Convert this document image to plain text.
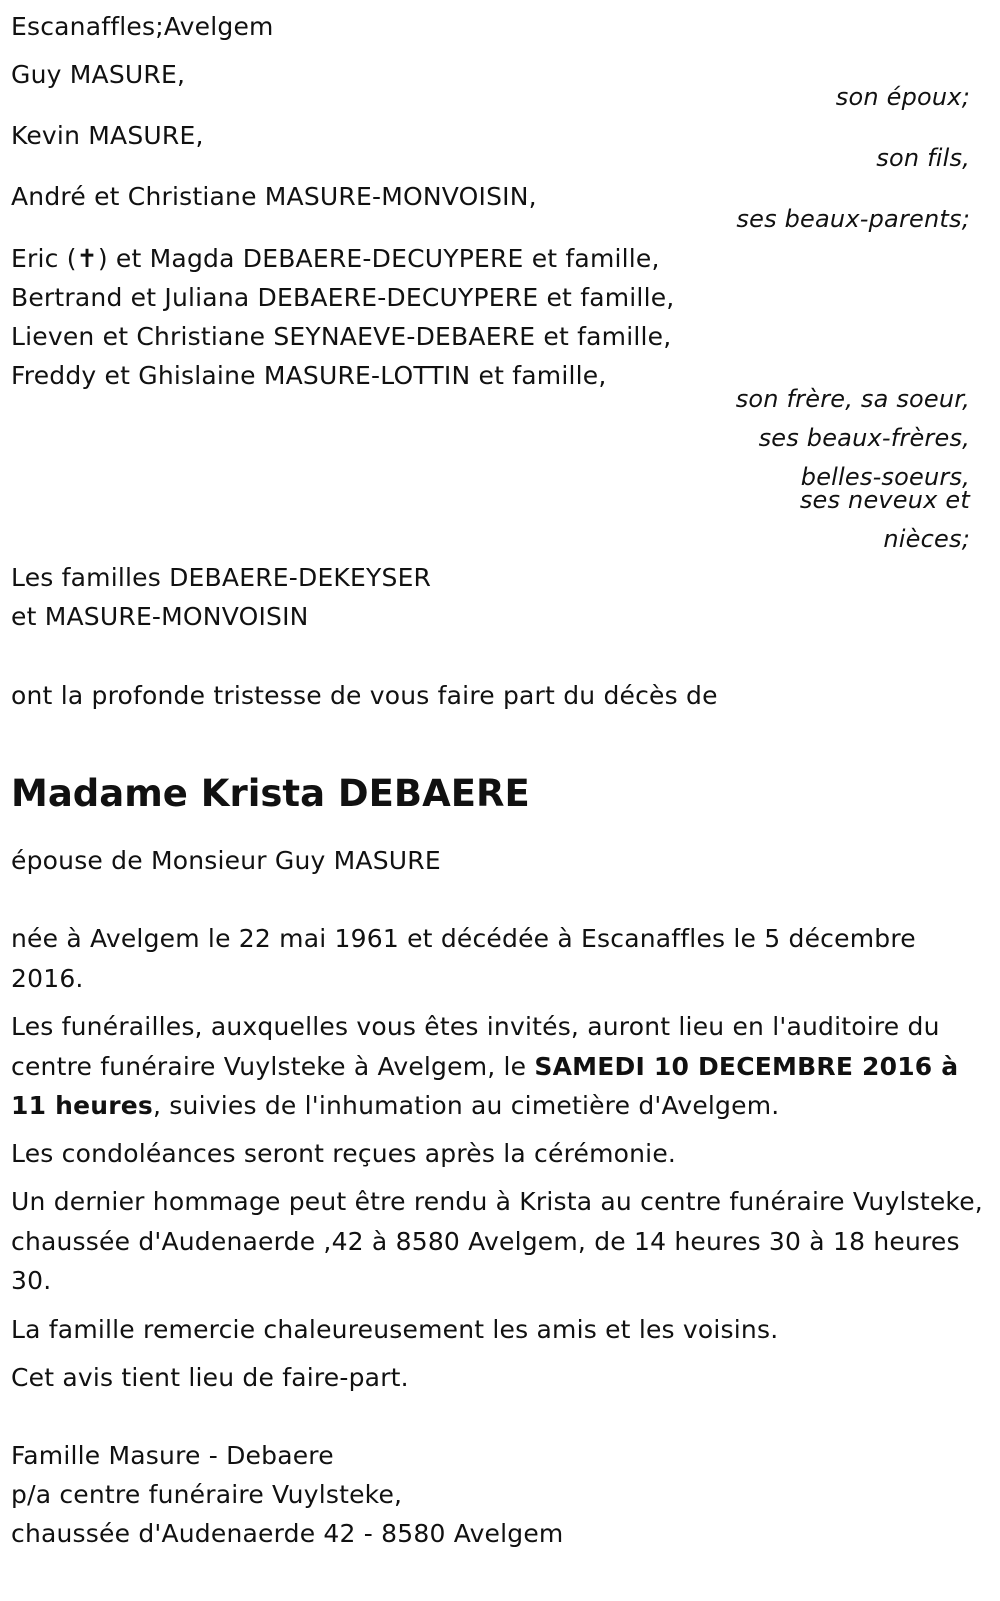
Escanaffles;Avelgem
Guy MASURE,
son époux;
Kevin MASURE,
son fils,
André et Christiane MASURE-MONVOISIN,
ses beaux-parents;
Eric (✝) et Magda DEBAERE-DECUYPERE et famille,
Bertrand et Juliana DEBAERE-DECUYPERE et famille,
Lieven et Christiane SEYNAEVE-DEBAERE et famille,
Freddy et Ghislaine MASURE-LOTTIN et famille,
son frère, sa soeur,
ses beaux-frères,
belles-soeurs,
ses neveux et
nièces;
Les familles DEBAERE-DEKEYSER
et MASURE-MONVOISIN
ont la profonde tristesse de vous faire part du décès de
Madame Krista DEBAERE
épouse de Monsieur Guy MASURE
née à Avelgem le 22 mai 1961 et décédée à Escanaffles le 5 décembre 2016.
Les funérailles, auxquelles vous êtes invités, auront lieu en l'auditoire du centre funéraire Vuylsteke à Avelgem, le SAMEDI 10 DECEMBRE 2016 à 11 heures, suivies de l'inhumation au cimetière d'Avelgem.
Les condoléances seront reçues après la cérémonie.
Un dernier hommage peut être rendu à Krista au centre funéraire Vuylsteke, chaussée d'Audenaerde ,42 à 8580 Avelgem, de 14 heures 30 à 18 heures 30.
La famille remercie chaleureusement les amis et les voisins.
Cet avis tient lieu de faire-part.
Famille Masure - Debaere
p/a centre funéraire Vuylsteke,
chaussée d'Audenaerde 42 - 8580 Avelgem
